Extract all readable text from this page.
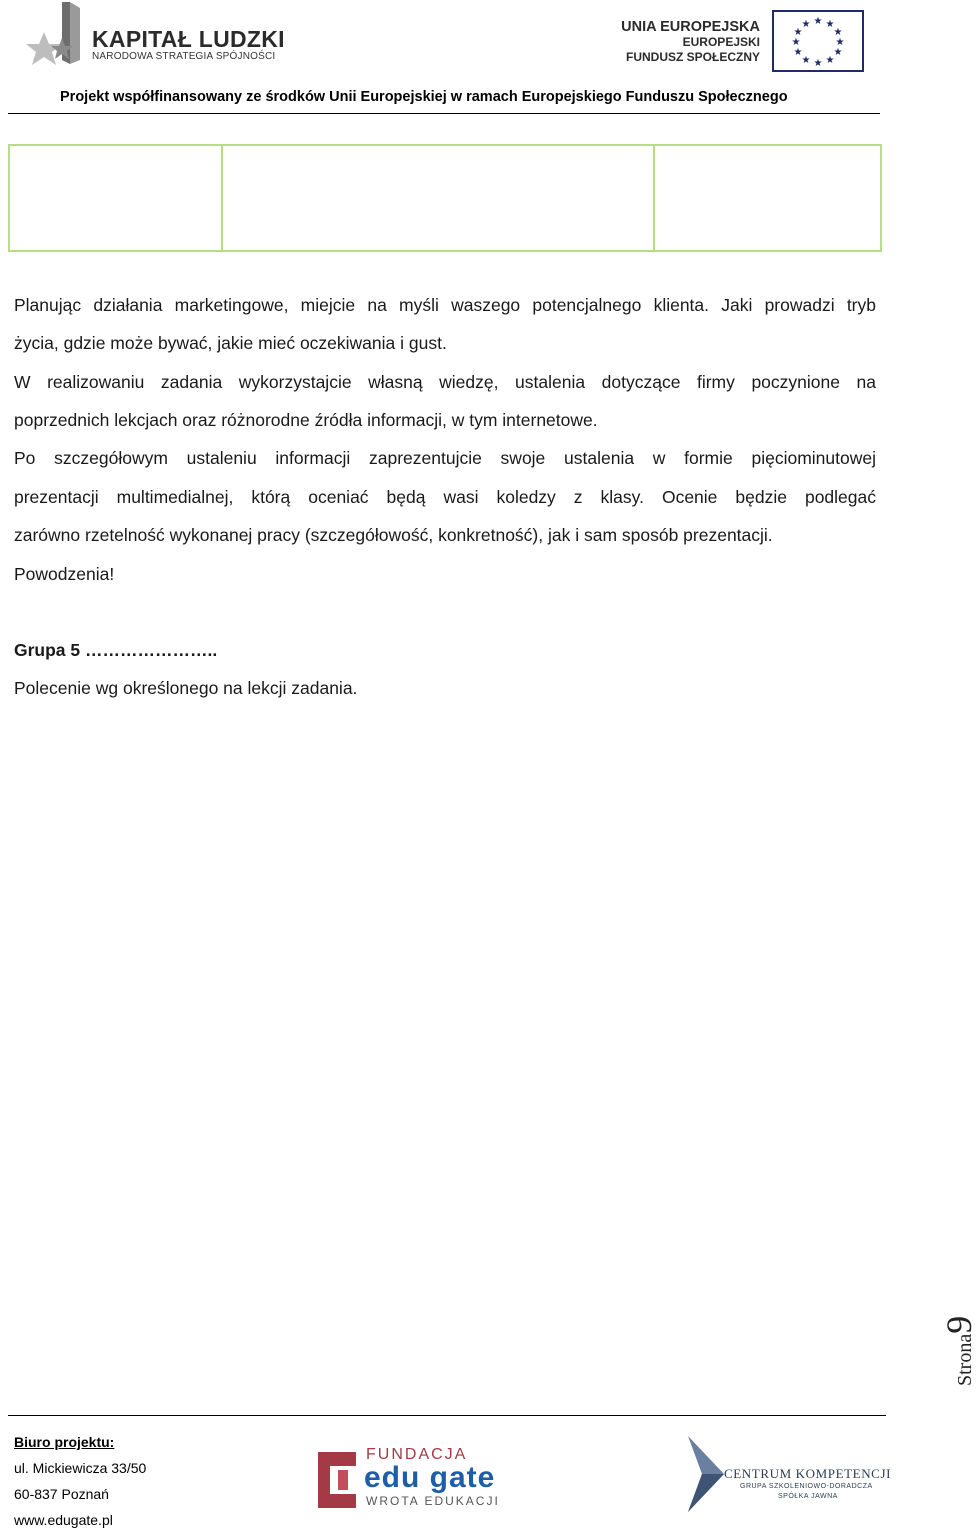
KAPITAŁ LUDZKI
NARODOWA STRATEGIA SPÓJNOŚCI
UNIA EUROPEJSKA
EUROPEJSKI
FUNDUSZ SPOŁECZNY
★ ★
★
★
★
★
★
★
★
★
★
★
Projekt współfinansowany ze środków Unii Europejskiej w ramach Europejskiego Funduszu Społecznego
Planując działania marketingowe, miejcie na myśli waszego potencjalnego klienta. Jaki prowadzi tryb
życia, gdzie może bywać, jakie mieć oczekiwania i gust.
W realizowaniu zadania wykorzystajcie własną wiedzę, ustalenia dotyczące firmy poczynione na
poprzednich lekcjach oraz różnorodne źródła informacji, w tym internetowe.
Po szczegółowym ustaleniu informacji zaprezentujcie swoje ustalenia w formie pięciominutowej
prezentacji multimedialnej, którą oceniać będą wasi koledzy z klasy. Ocenie będzie podlegać
zarówno rzetelność wykonanej pracy (szczegółowość, konkretność), jak i sam sposób prezentacji.
Powodzenia!
Grupa 5 …………………..
Polecenie wg określonego na lekcji zadania.
Strona9
Biuro projektu:
ul. Mickiewicza 33/50
60-837 Poznań
www.edugate.pl
FUNDACJA
edu gate
WROTA EDUKACJI
CENTRUM KOMPETENCJI
GRUPA SZKOLENIOWO-DORADCZA
SPÓŁKA JAWNA
